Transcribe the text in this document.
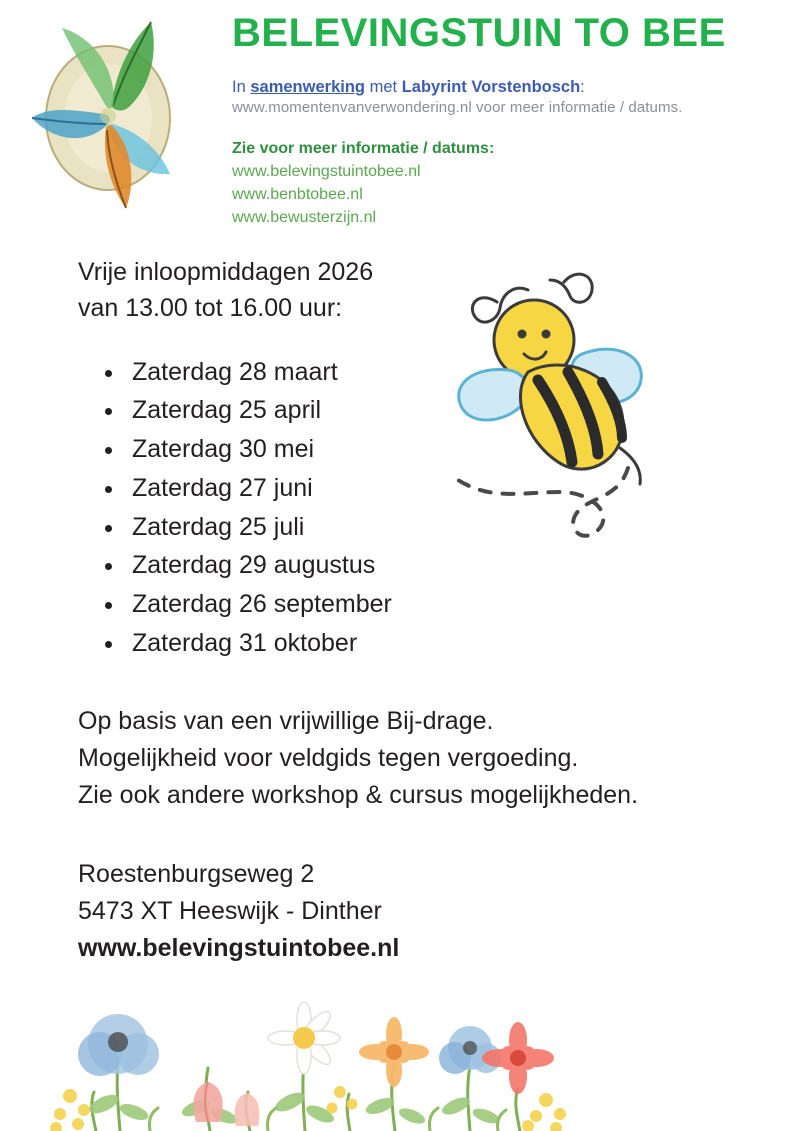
BELEVINGSTUIN TO BEE
In samenwerking met Labyrint Vorstenbosch:
www.momentenvanverwondering.nl voor meer informatie / datums.
Zie voor meer informatie / datums:
www.belevingstuintobee.nl
www.benbtobee.nl
www.bewusterzijn.nl
Vrije inloopmiddagen 2026
van 13.00 tot 16.00 uur:
• Zaterdag 28 maart
• Zaterdag 25 april
• Zaterdag 30 mei
• Zaterdag 27 juni
• Zaterdag 25 juli
• Zaterdag 29 augustus
• Zaterdag 26 september
• Zaterdag 31 oktober
Op basis van een vrijwillige Bij-drage.
Mogelijkheid voor veldgids tegen vergoeding.
Zie ook andere workshop & cursus mogelijkheden.
Roestenburgseweg 2
5473 XT Heeswijk - Dinther
www.belevingstuintobee.nl
